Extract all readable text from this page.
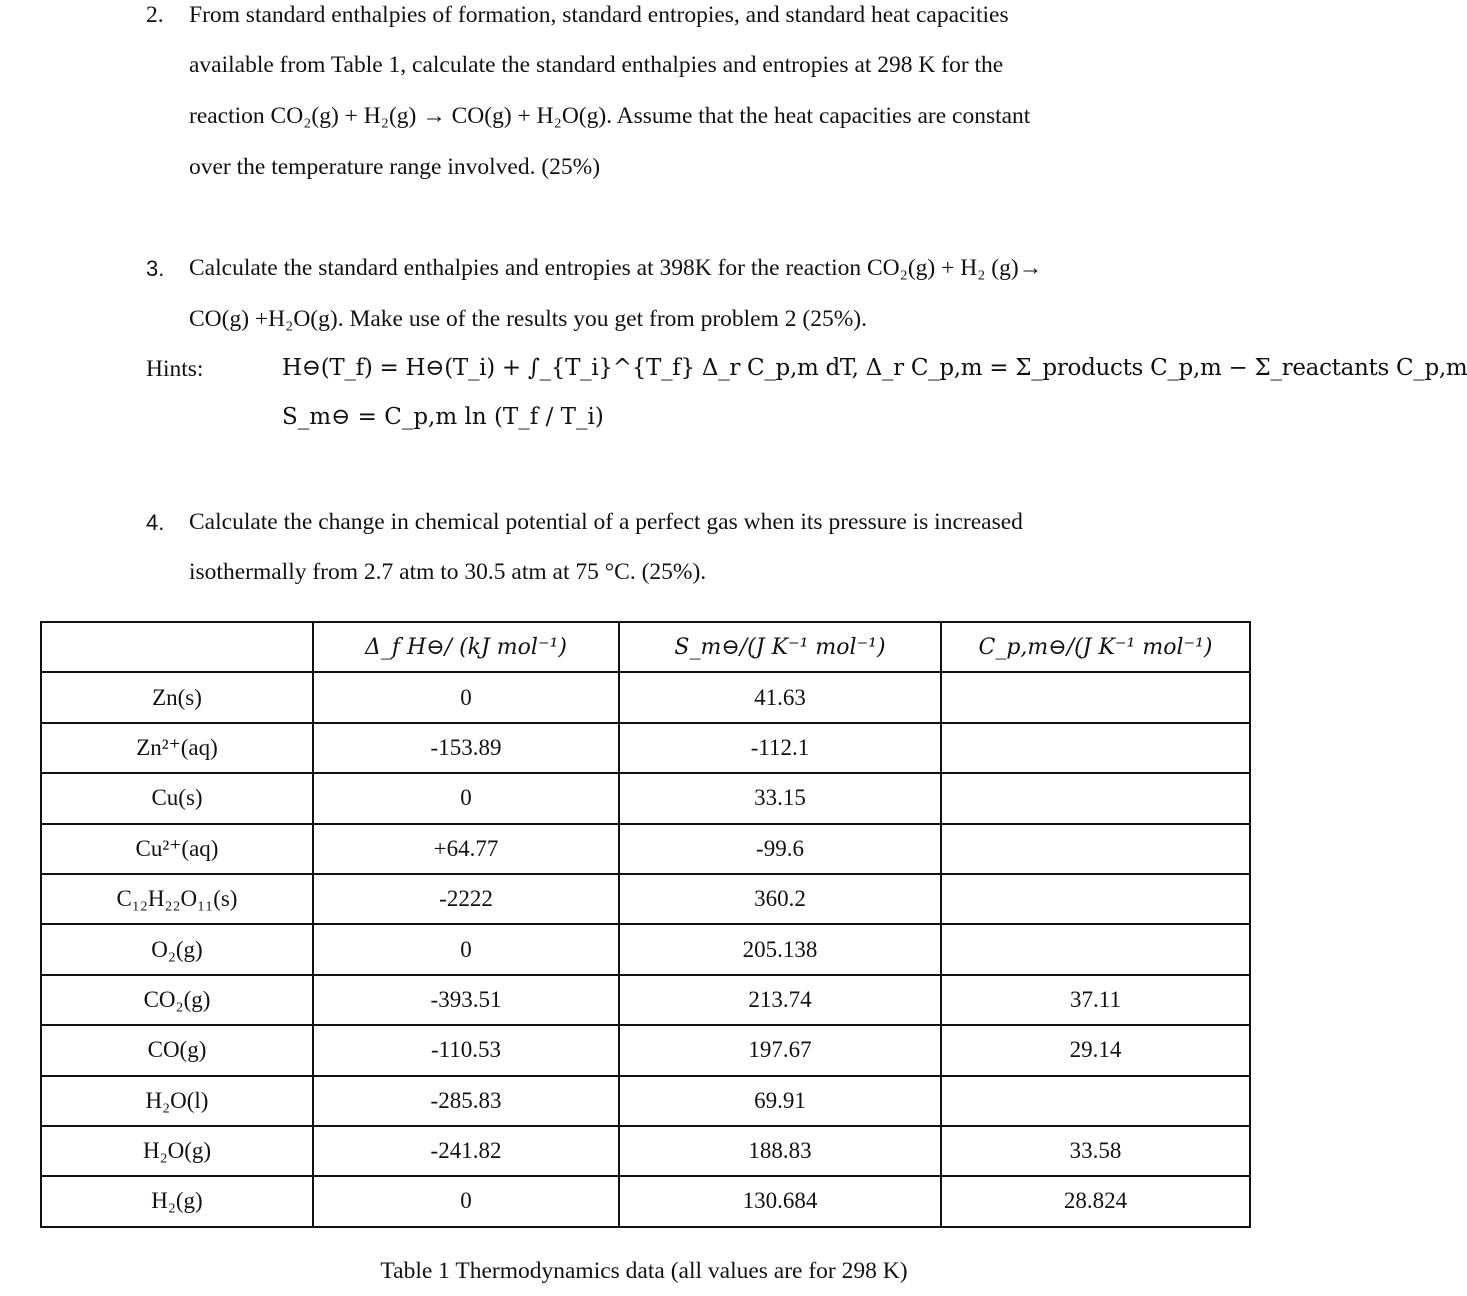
2. From standard enthalpies of formation, standard entropies, and standard heat capacities
available from Table 1, calculate the standard enthalpies and entropies at 298 K for the
reaction CO₂(g) + H₂(g) → CO(g) + H₂O(g). Assume that the heat capacities are constant
over the temperature range involved. (25%)
3. Calculate the standard enthalpies and entropies at 398K for the reaction CO₂(g) + H₂ (g)→
CO(g) +H₂O(g). Make use of the results you get from problem 2 (25%).
Hints:	H⊖(T_f) = H⊖(T_i) + ∫_{T_i}^{T_f} Δ_r C_p,m dT, Δ_r C_p,m = Σ_products C_p,m − Σ_reactants C_p,m
S_m⊖ = C_p,m ln (T_f / T_i)
4. Calculate the change in chemical potential of a perfect gas when its pressure is increased
isothermally from 2.7 atm to 30.5 atm at 75 °C. (25%).
	Δ_f H⊖/ (kJ mol⁻¹)	S_m⊖/(J K⁻¹ mol⁻¹)	C_p,m⊖/(J K⁻¹ mol⁻¹)
Zn(s)	0	41.63	
Zn²⁺(aq)	-153.89	-112.1	
Cu(s)	0	33.15	
Cu²⁺(aq)	+64.77	-99.6	
C₁₂H₂₂O₁₁(s)	-2222	360.2	
O₂(g)	0	205.138	
CO₂(g)	-393.51	213.74	37.11
CO(g)	-110.53	197.67	29.14
H₂O(l)	-285.83	69.91	
H₂O(g)	-241.82	188.83	33.58
H₂(g)	0	130.684	28.824
Table 1 Thermodynamics data (all values are for 298 K)
